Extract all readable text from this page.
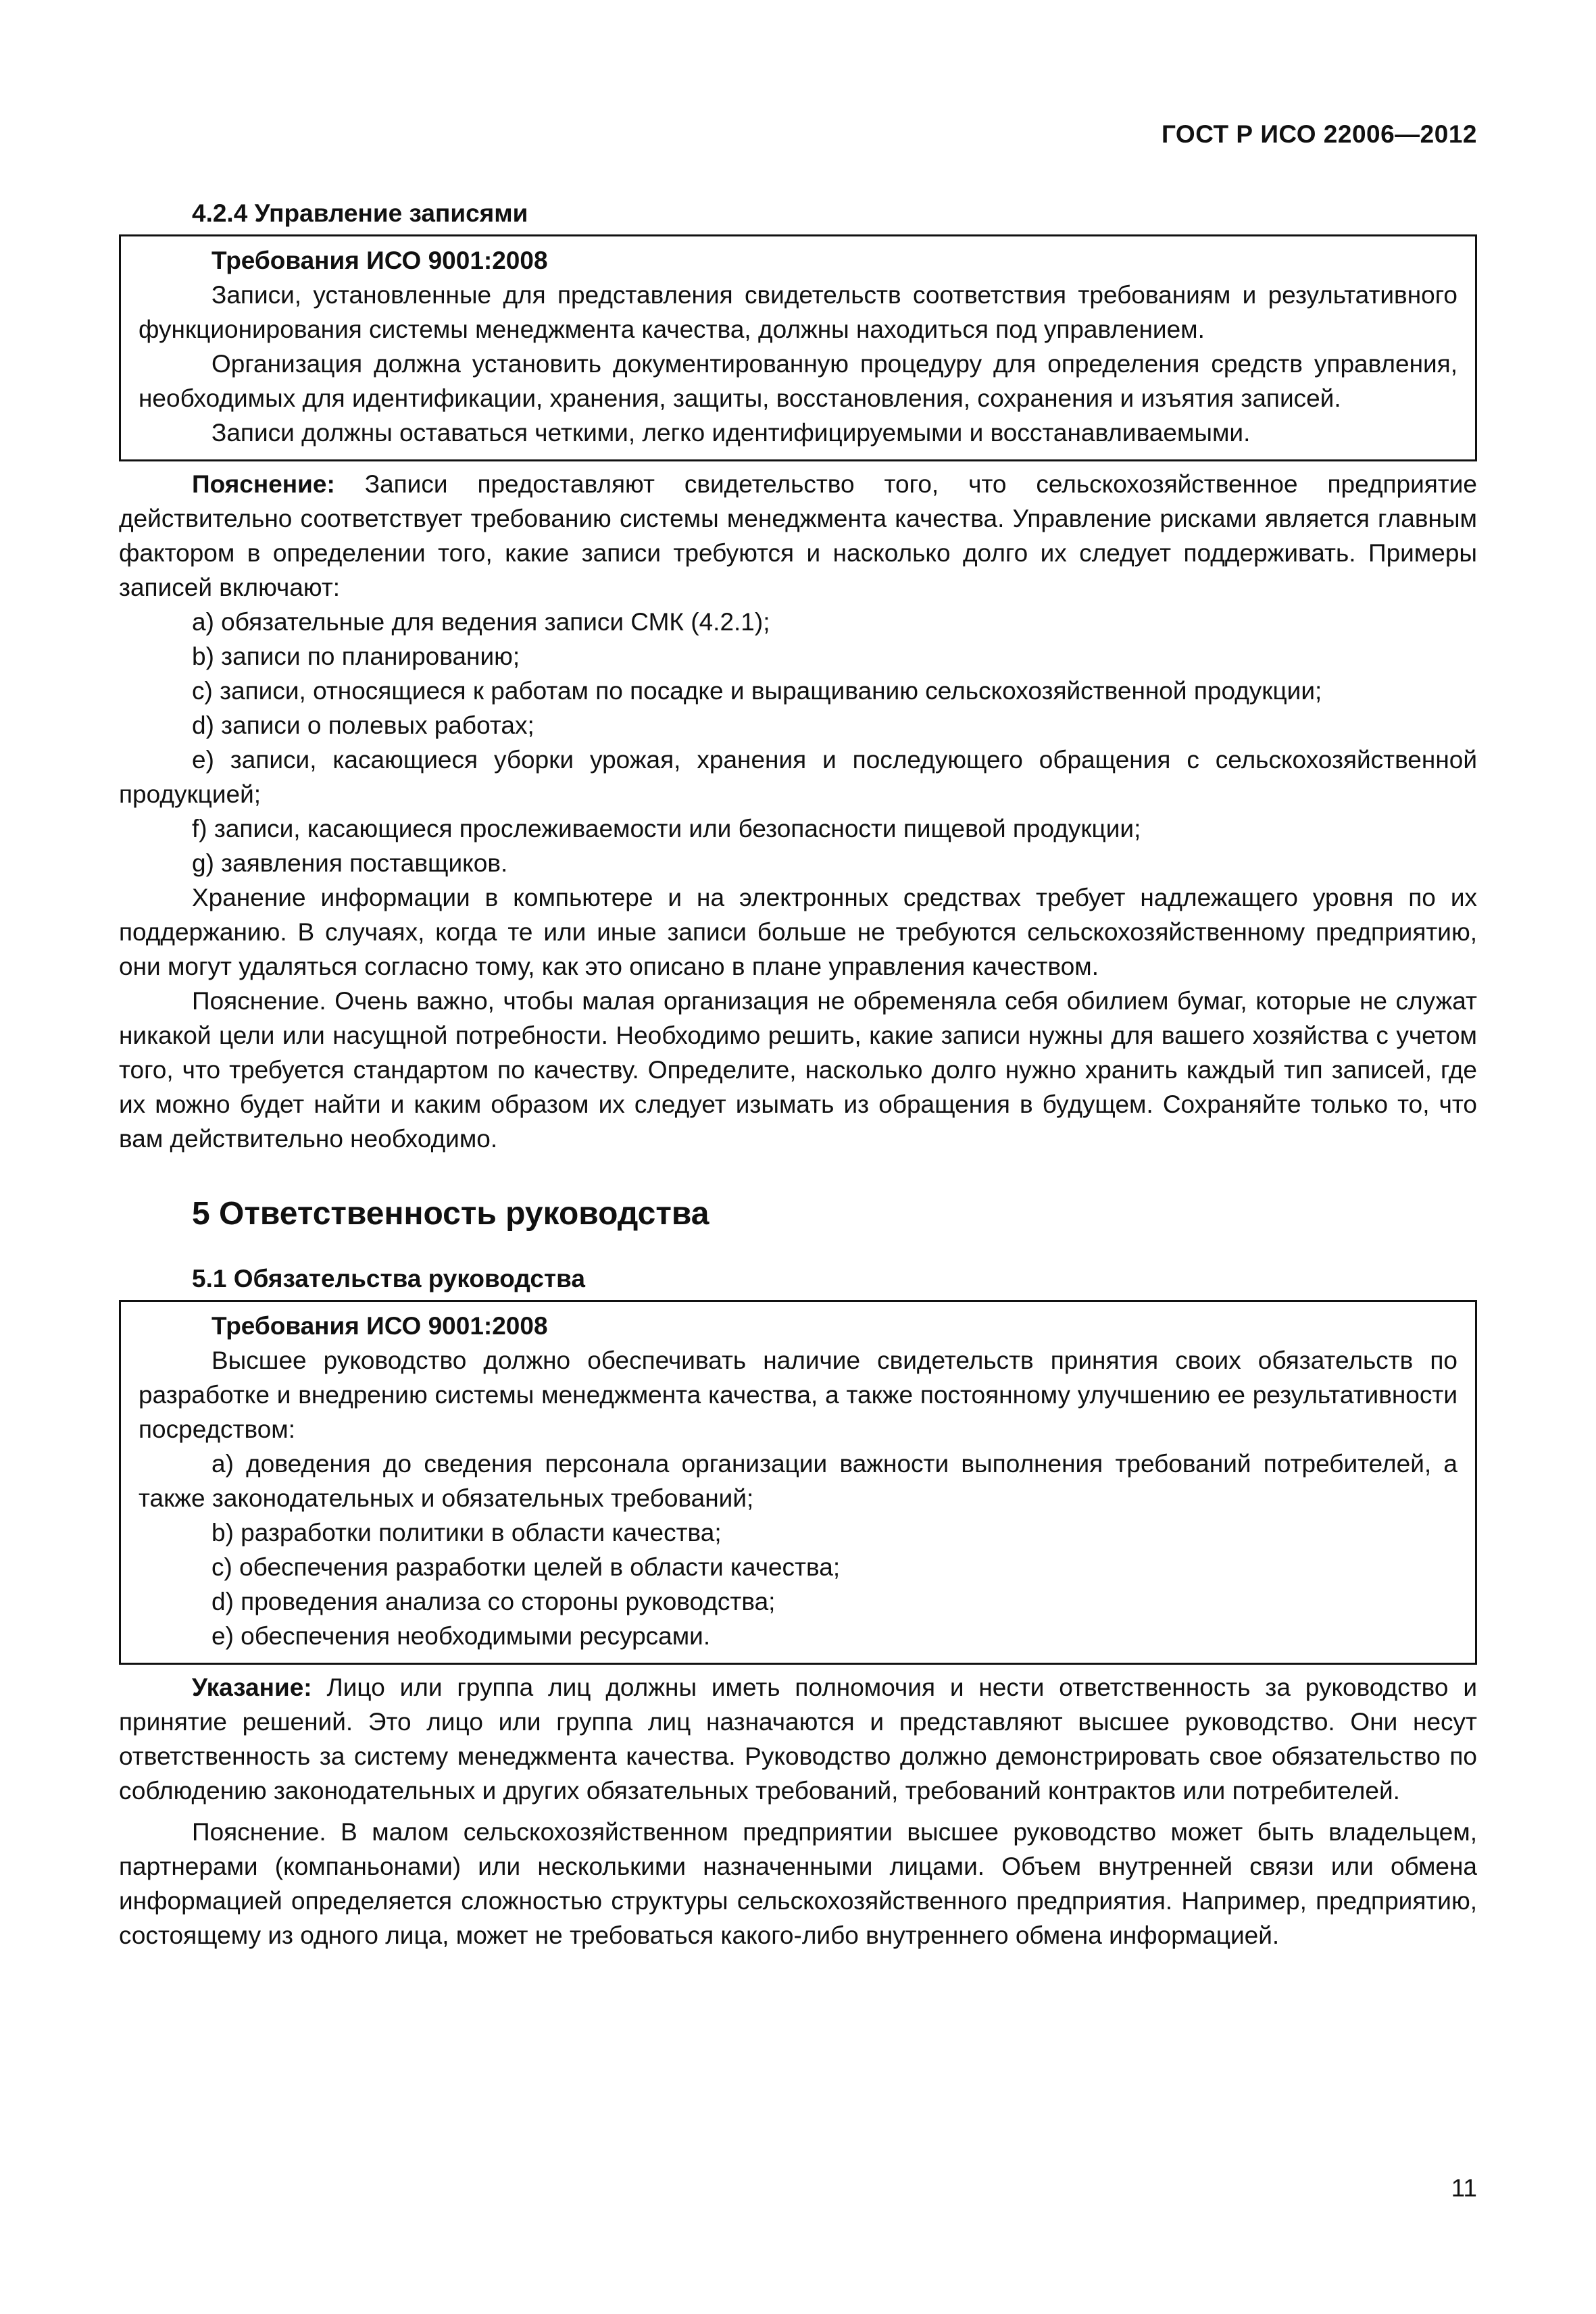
ГОСТ Р ИСО 22006—2012
4.2.4 Управление записями
Требования ИСО 9001:2008

Записи, установленные для представления свидетельств соответствия требованиям и результативного функционирования системы менеджмента качества, должны находиться под управлением.

Организация должна установить документированную процедуру для определения средств управления, необходимых для идентификации, хранения, защиты, восстановления, сохранения и изъятия записей.

Записи должны оставаться четкими, легко идентифицируемыми и восстанавливаемыми.

Пояснение: Записи предоставляют свидетельство того, что сельскохозяйственное предприятие действительно соответствует требованию системы менеджмента качества. Управление рисками является главным фактором в определении того, какие записи требуются и насколько долго их следует поддерживать. Примеры записей включают:

a) обязательные для ведения записи СМК (4.2.1);

b) записи по планированию;

c) записи, относящиеся к работам по посадке и выращиванию сельскохозяйственной продукции;

d) записи о полевых работах;

e) записи, касающиеся уборки урожая, хранения и последующего обращения с сельскохозяйственной продукцией;

f) записи, касающиеся прослеживаемости или безопасности пищевой продукции;

g) заявления поставщиков.

Хранение информации в компьютере и на электронных средствах требует надлежащего уровня по их поддержанию. В случаях, когда те или иные записи больше не требуются сельскохозяйственному предприятию, они могут удаляться согласно тому, как это описано в плане управления качеством.

Пояснение. Очень важно, чтобы малая организация не обременяла себя обилием бумаг, которые не служат никакой цели или насущной потребности. Необходимо решить, какие записи нужны для вашего хозяйства с учетом того, что требуется стандартом по качеству. Определите, насколько долго нужно хранить каждый тип записей, где их можно будет найти и каким образом их следует изымать из обращения в будущем. Сохраняйте только то, что вам действительно необходимо.

5 Ответственность руководства
5.1 Обязательства руководства
Требования ИСО 9001:2008

Высшее руководство должно обеспечивать наличие свидетельств принятия своих обязательств по разработке и внедрению системы менеджмента качества, а также постоянному улучшению ее результативности посредством:

a) доведения до сведения персонала организации важности выполнения требований потребителей, а также законодательных и обязательных требований;

b) разработки политики в области качества;

c) обеспечения разработки целей в области качества;

d) проведения анализа со стороны руководства;

e) обеспечения необходимыми ресурсами.

Указание: Лицо или группа лиц должны иметь полномочия и нести ответственность за руководство и принятие решений. Это лицо или группа лиц назначаются и представляют высшее руководство. Они несут ответственность за систему менеджмента качества. Руководство должно демонстрировать свое обязательство по соблюдению законодательных и других обязательных требований, требований контрактов или потребителей.

Пояснение. В малом сельскохозяйственном предприятии высшее руководство может быть владельцем, партнерами (компаньонами) или несколькими назначенными лицами. Объем внутренней связи или обмена информацией определяется сложностью структуры сельскохозяйственного предприятия. Например, предприятию, состоящему из одного лица, может не требоваться какого-либо внутреннего обмена информацией.

11
